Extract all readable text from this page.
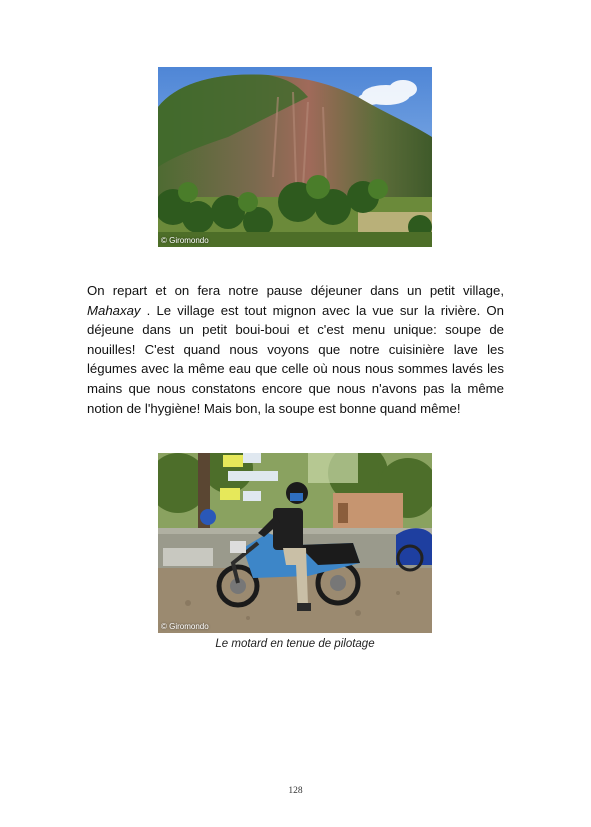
© Giromondo

On repart et on fera notre pause déjeuner dans un petit village, Mahaxay . Le village est tout mignon avec la vue sur la rivière. On déjeune dans un petit boui-boui et c'est menu unique: soupe de nouilles! C'est quand nous voyons que notre cuisinière lave les légumes avec la même eau que celle où nous nous sommes lavés les mains que nous constatons encore que nous n'avons pas la même notion de l'hygiène! Mais bon, la soupe est bonne quand même!

© Giromondo
Le motard en tenue de pilotage
128
